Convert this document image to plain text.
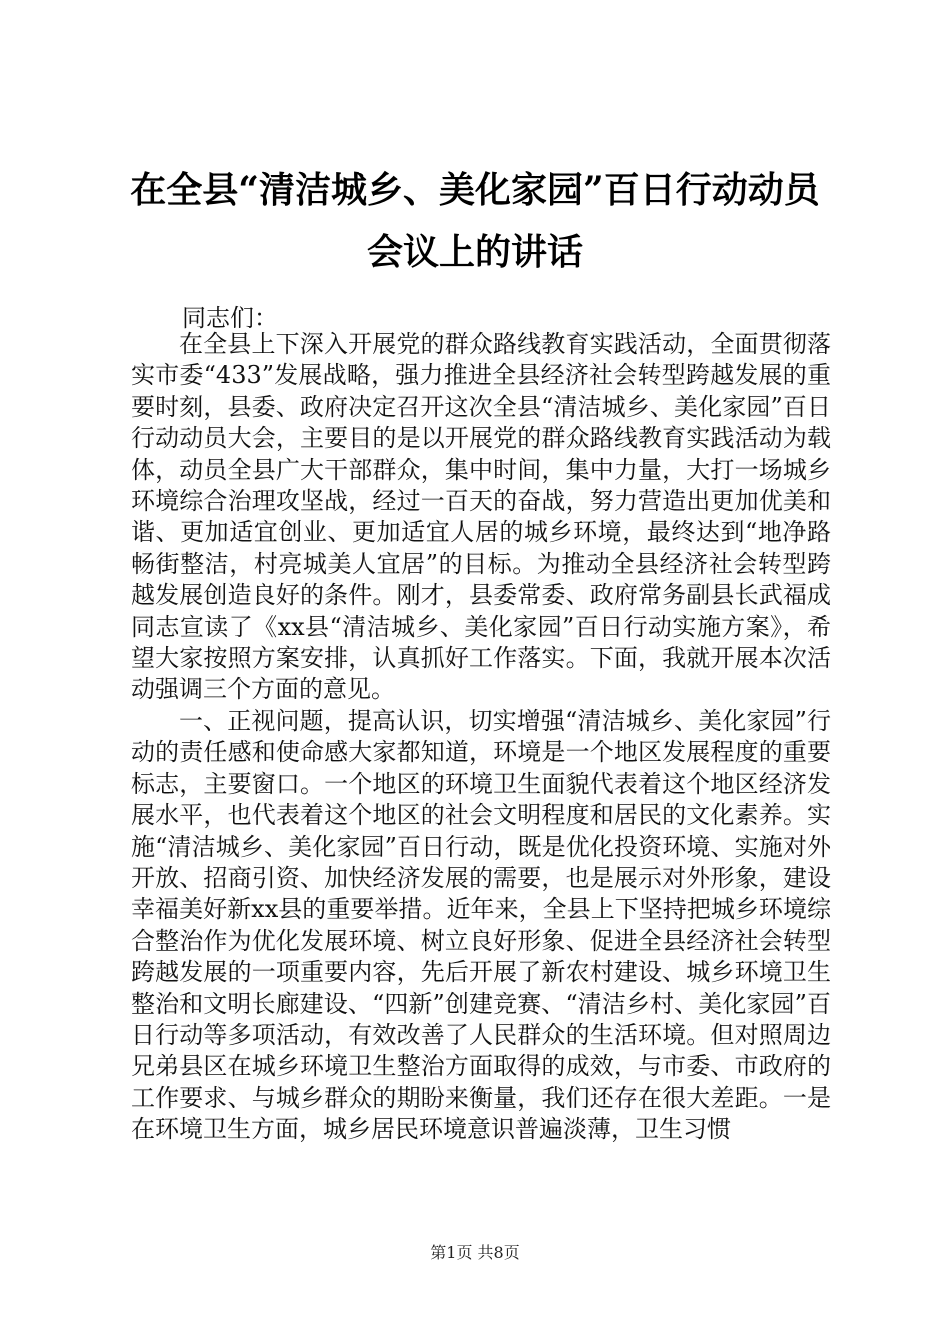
在全县“清洁城乡、美化家园”百日行动动员
会议上的讲话
同志们：

在全县上下深入开展党的群众路线教育实践活动，全面贯彻落实市委“433”发展战略，强力推进全县经济社会转型跨越发展的重要时刻，县委、政府决定召开这次全县“清洁城乡、美化家园”百日行动动员大会，主要目的是以开展党的群众路线教育实践活动为载体，动员全县广大干部群众，集中时间，集中力量，大打一场城乡环境综合治理攻坚战，经过一百天的奋战，努力营造出更加优美和谐、更加适宜创业、更加适宜人居的城乡环境，最终达到“地净路畅街整洁，村亮城美人宜居”的目标。为推动全县经济社会转型跨越发展创造良好的条件。刚才，县委常委、政府常务副县长武福成同志宣读了《xx县“清洁城乡、美化家园”百日行动实施方案》，希望大家按照方案安排，认真抓好工作落实。下面，我就开展本次活动强调三个方面的意见。

一、正视问题，提高认识，切实增强“清洁城乡、美化家园”行动的责任感和使命感大家都知道，环境是一个地区发展程度的重要标志，主要窗口。一个地区的环境卫生面貌代表着这个地区经济发展水平，也代表着这个地区的社会文明程度和居民的文化素养。实施“清洁城乡、美化家园”百日行动，既是优化投资环境、实施对外开放、招商引资、加快经济发展的需要，也是展示对外形象，建设幸福美好新xx县的重要举措。近年来，全县上下坚持把城乡环境综合整治作为优化发展环境、树立良好形象、促进全县经济社会转型跨越发展的一项重要内容，先后开展了新农村建设、城乡环境卫生整治和文明长廊建设、“四新”创建竞赛、“清洁乡村、美化家园”百日行动等多项活动，有效改善了人民群众的生活环境。但对照周边兄弟县区在城乡环境卫生整治方面取得的成效，与市委、市政府的工作要求、与城乡群众的期盼来衡量，我们还存在很大差距。一是在环境卫生方面，城乡居民环境意识普遍淡薄，卫生习惯

第1页 共8页
